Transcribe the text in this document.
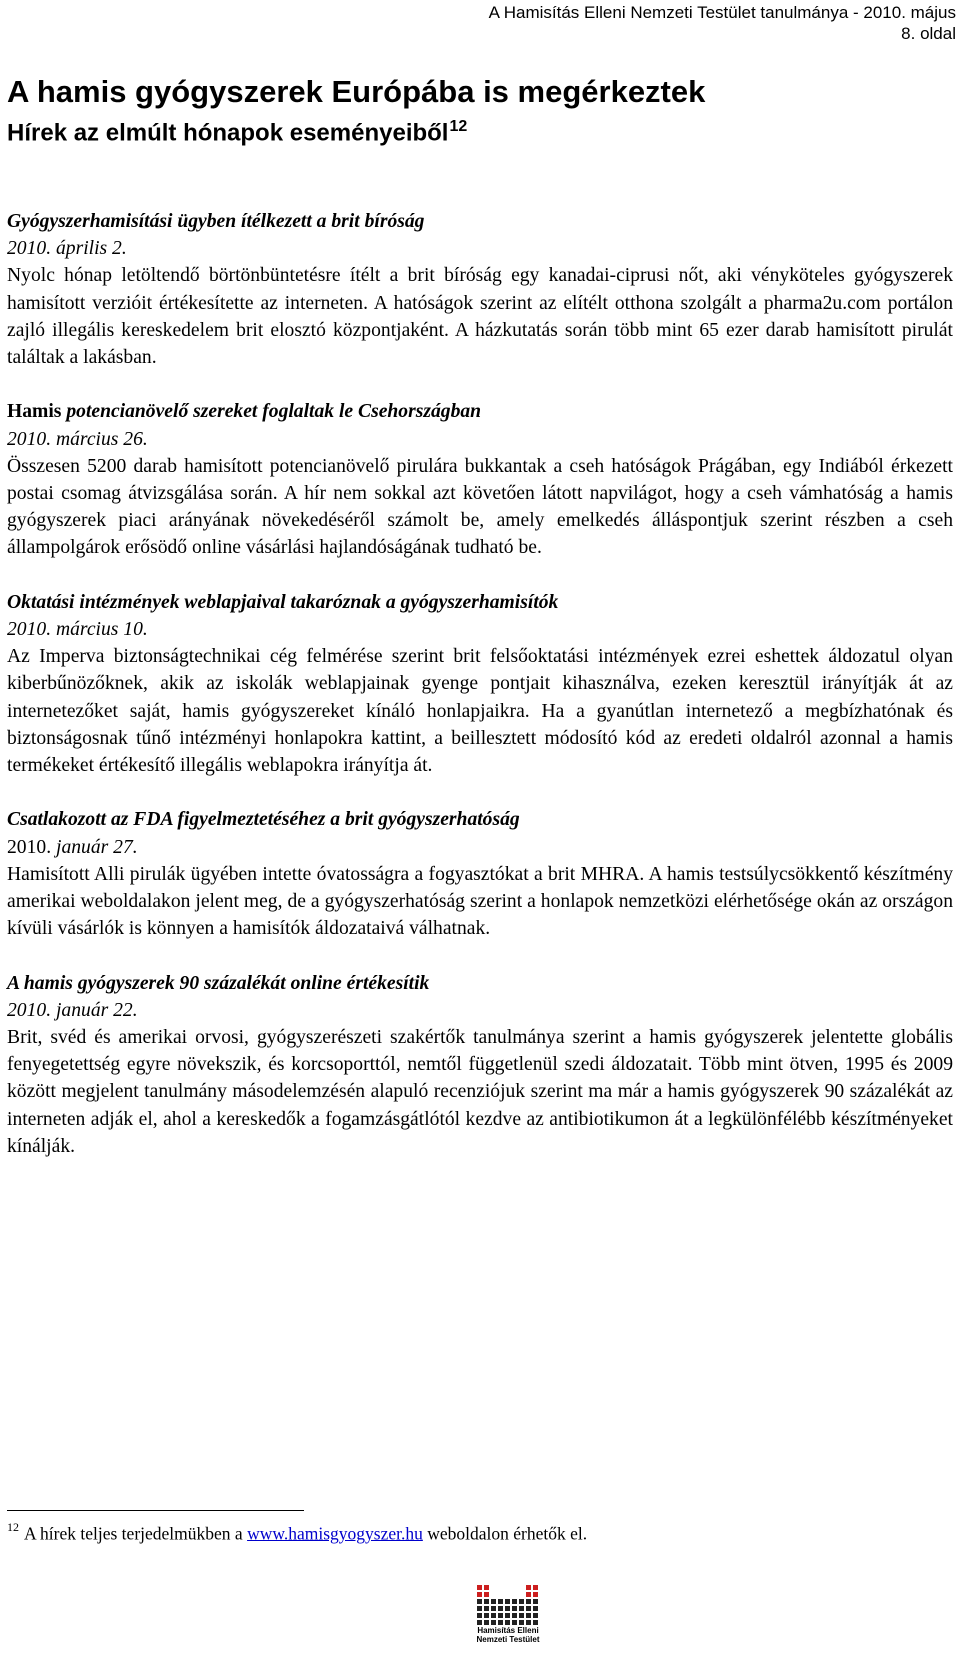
A Hamisítás Elleni Nemzeti Testület tanulmánya - 2010. május
8. oldal
A hamis gyógyszerek Európába is megérkeztek
Hírek az elmúlt hónapok eseményeiből$^{12}$

Gyógyszerhamisítási ügyben ítélkezett a brit bíróság

2010. április 2.

Nyolc hónap letöltendő börtönbüntetésre ítélt a brit bíróság egy kanadai-ciprusi nőt, aki vényköteles gyógyszerek hamisított verzióit értékesítette az interneten. A hatóságok szerint az elítélt otthona szolgált a pharma2u.com portálon zajló illegális kereskedelem brit elosztó központjaként. A házkutatás során több mint 65 ezer darab hamisított pirulát találtak a lakásban.

Hamis potencianövelő szereket foglaltak le Csehországban

2010. március 26.

Összesen 5200 darab hamisított potencianövelő pirulára bukkantak a cseh hatóságok Prágában, egy Indiából érkezett postai csomag átvizsgálása során. A hír nem sokkal azt követően látott napvilágot, hogy a cseh vámhatóság a hamis gyógyszerek piaci arányának növekedéséről számolt be, amely emelkedés álláspontjuk szerint részben a cseh állampolgárok erősödő online vásárlási hajlandóságának tudható be.

Oktatási intézmények weblapjaival takaróznak a gyógyszerhamisítók

2010. március 10.

Az Imperva biztonságtechnikai cég felmérése szerint brit felsőoktatási intézmények ezrei eshettek áldozatul olyan kiberbűnözőknek, akik az iskolák weblapjainak gyenge pontjait kihasználva, ezeken keresztül irányítják át az internetezőket saját, hamis gyógyszereket kínáló honlapjaikra. Ha a gyanútlan internetező a megbízhatónak és biztonságosnak tűnő intézményi honlapokra kattint, a beillesztett módosító kód az eredeti oldalról azonnal a hamis termékeket értékesítő illegális weblapokra irányítja át.

Csatlakozott az FDA figyelmeztetéséhez a brit gyógyszerhatóság

2010. január 27.

Hamisított Alli pirulák ügyében intette óvatosságra a fogyasztókat a brit MHRA. A hamis testsúlycsökkentő készítmény amerikai weboldalakon jelent meg, de a gyógyszerhatóság szerint a honlapok nemzetközi elérhetősége okán az országon kívüli vásárlók is könnyen a hamisítók áldozataivá válhatnak.

A hamis gyógyszerek 90 százalékát online értékesítik

2010. január 22.

Brit, svéd és amerikai orvosi, gyógyszerészeti szakértők tanulmánya szerint a hamis gyógyszerek jelentette globális fenyegetettség egyre növekszik, és korcsoporttól, nemtől függetlenül szedi áldozatait. Több mint ötven, 1995 és 2009 között megjelent tanulmány másodelemzésén alapuló recenziójuk szerint ma már a hamis gyógyszerek 90 százalékát az interneten adják el, ahol a kereskedők a fogamzásgátlótól kezdve az antibiotikumon át a legkülönfélébb készítményeket kínálják.

$^{12}$ A hírek teljes terjedelmükben a www.hamisgyogyszer.hu weboldalon érhetők el.
Hamisítás Elleni
Nemzeti Testület
